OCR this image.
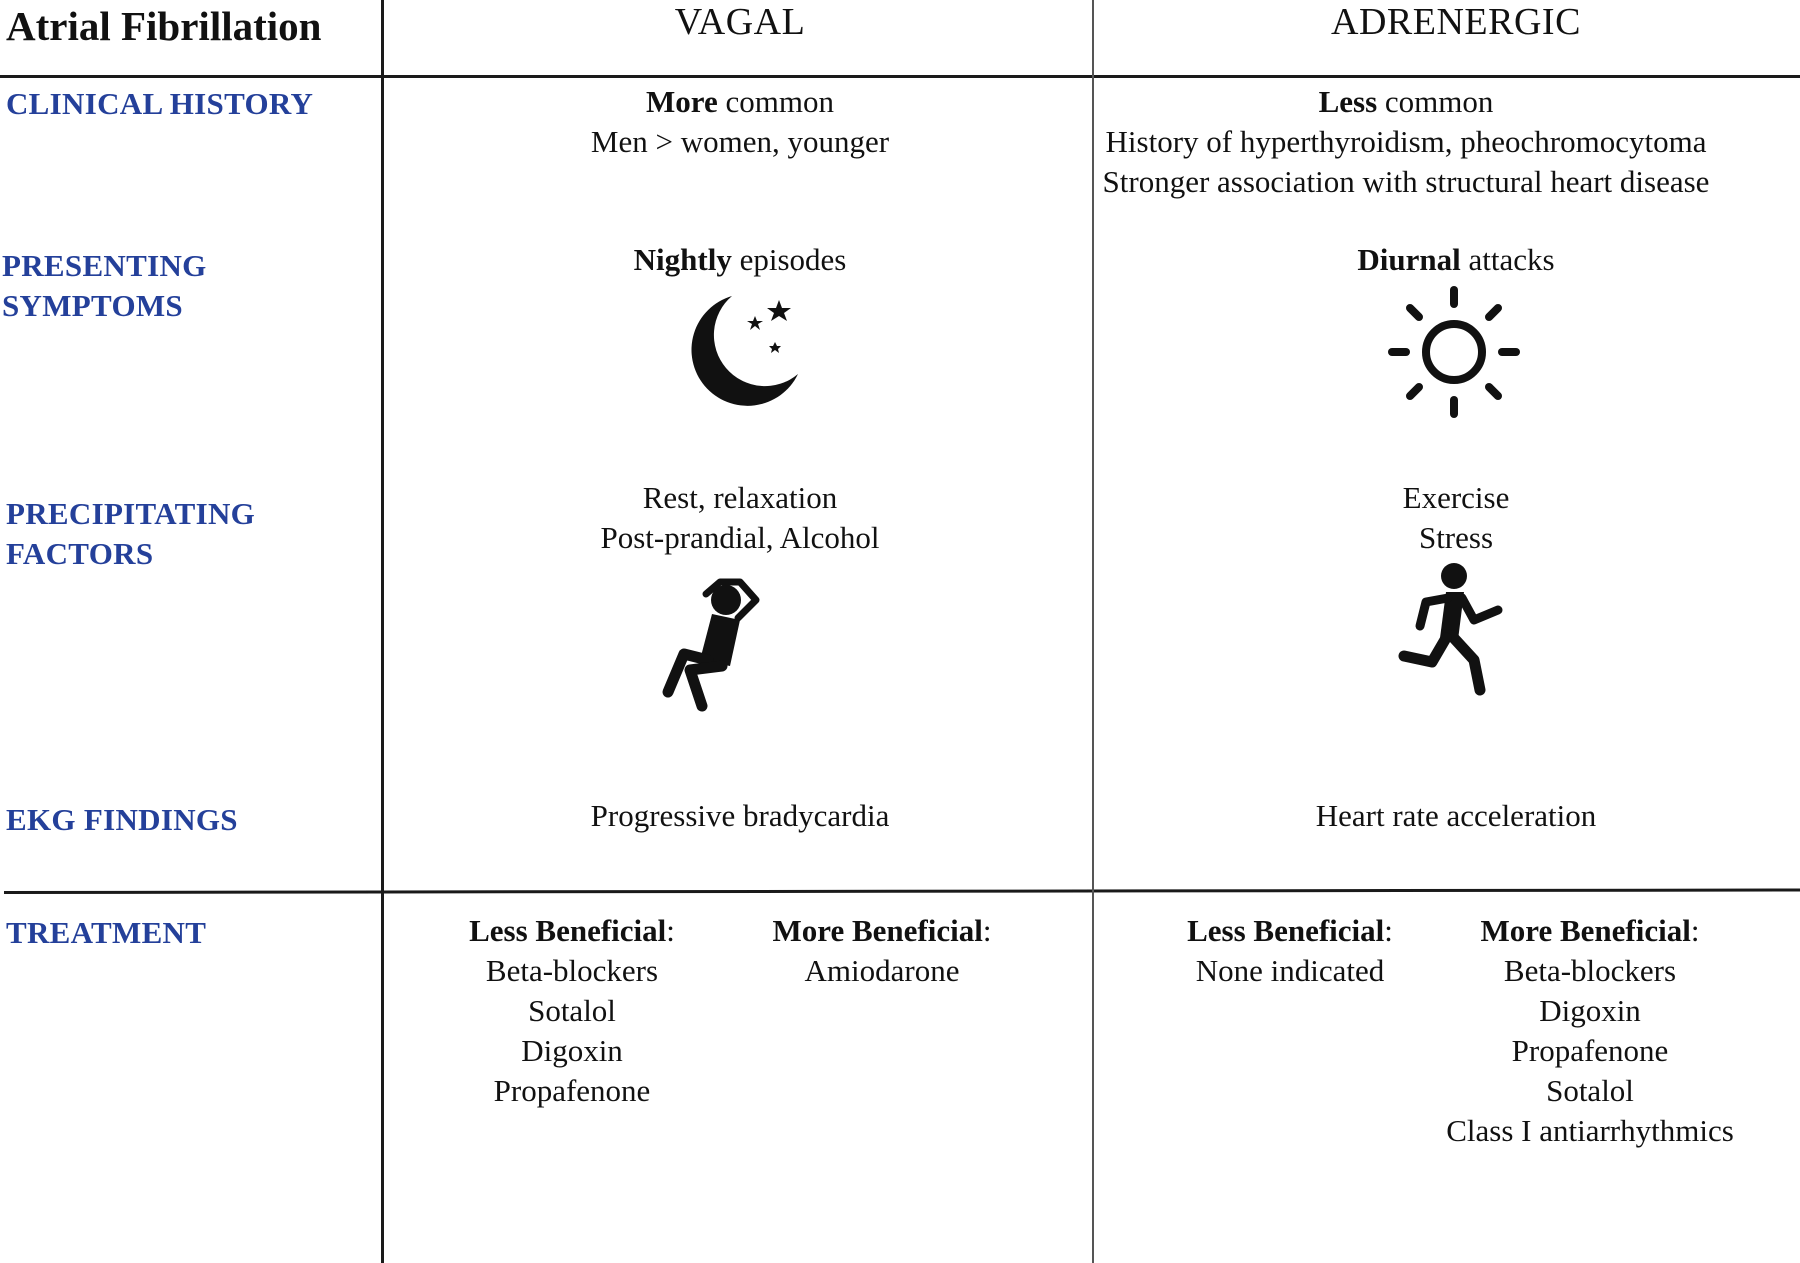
Atrial Fibrillation	VAGAL	ADRENERGIC
CLINICAL HISTORY
PRESENTING
SYMPTOMS
PRECIPITATING
FACTORS
EKG FINDINGS
TREATMENT
More common
Men > women, younger
Nightly episodes
Rest, relaxation
Post-prandial, Alcohol
Progressive bradycardia
Less common
History of hyperthyroidism, pheochromocytoma
Stronger association with structural heart disease
Diurnal attacks
Exercise
Stress
Heart rate acceleration
Less Beneficial:
Beta-blockers
Sotalol
Digoxin
Propafenone
More Beneficial:
Amiodarone
Less Beneficial:
None indicated
More Beneficial:
Beta-blockers
Digoxin
Propafenone
Sotalol
Class I antiarrhythmics
